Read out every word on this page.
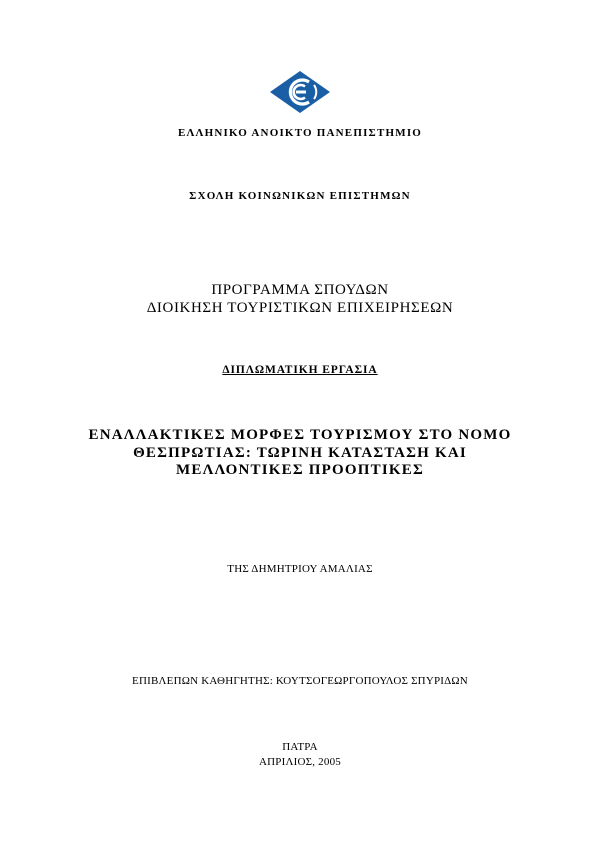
ΕΛΛΗΝΙΚΟ ΑΝΟΙΚΤΟ ΠΑΝΕΠΙΣΤΗΜΙΟ
ΣΧΟΛΗ ΚΟΙΝΩΝΙΚΩΝ ΕΠΙΣΤΗΜΩΝ
ΠΡΟΓΡΑΜΜΑ ΣΠΟΥΔΩΝ
ΔΙΟΙΚΗΣΗ ΤΟΥΡΙΣΤΙΚΩΝ ΕΠΙΧΕΙΡΗΣΕΩΝ
ΔΙΠΛΩΜΑΤΙΚΗ ΕΡΓΑΣΙΑ
ΕΝΑΛΛΑΚΤΙΚΕΣ ΜΟΡΦΕΣ ΤΟΥΡΙΣΜΟΥ ΣΤΟ ΝΟΜΟ
ΘΕΣΠΡΩΤΙΑΣ: ΤΩΡΙΝΗ ΚΑΤΑΣΤΑΣΗ ΚΑΙ
ΜΕΛΛΟΝΤΙΚΕΣ ΠΡΟΟΠΤΙΚΕΣ
ΤΗΣ ΔΗΜΗΤΡΙΟΥ ΑΜΑΛΙΑΣ
ΕΠΙΒΛΕΠΩΝ ΚΑΘΗΓΗΤΗΣ: ΚΟΥΤΣΟΓΕΩΡΓΟΠΟΥΛΟΣ ΣΠΥΡΙΔΩΝ
ΠΑΤΡΑ
ΑΠΡΙΛΙΟΣ, 2005
